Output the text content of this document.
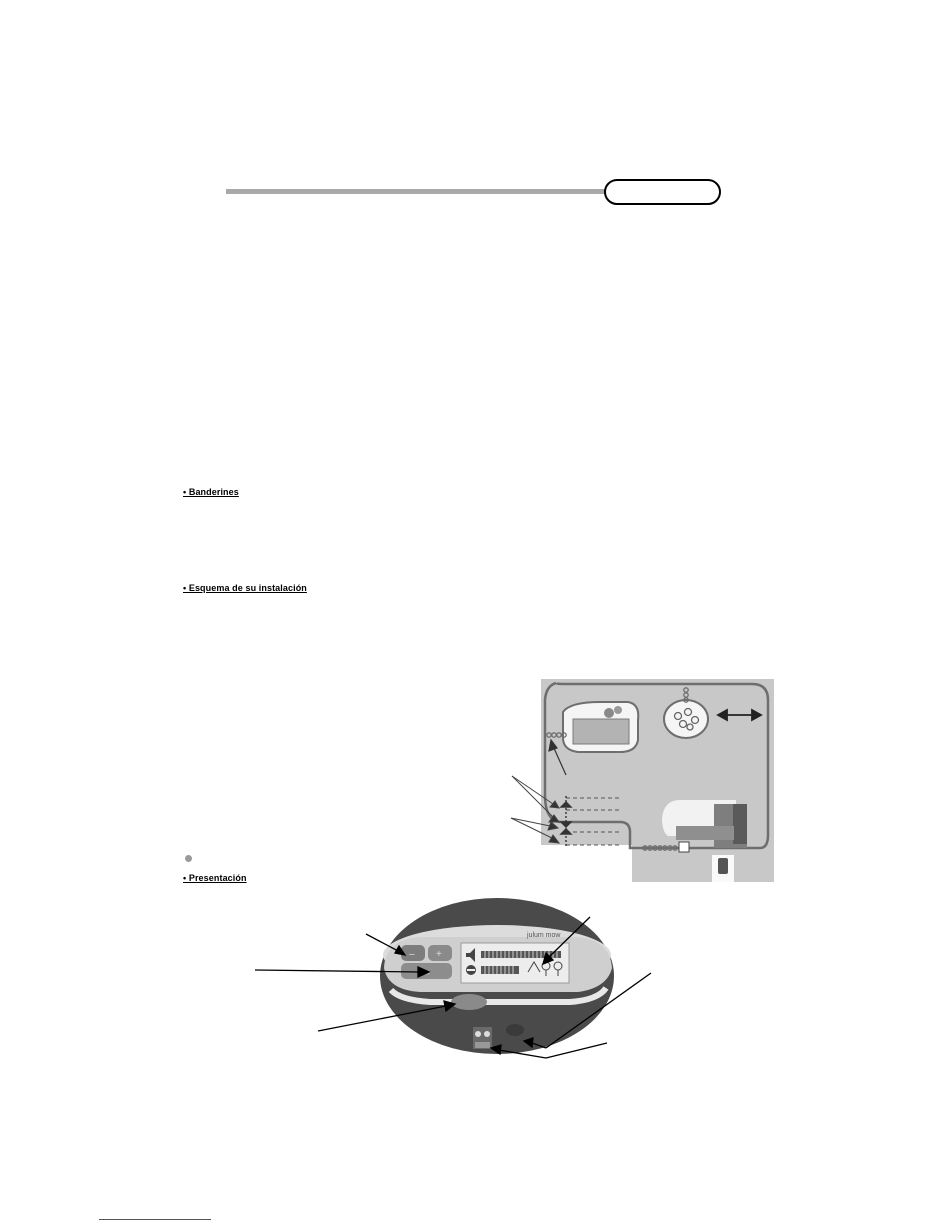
• Banderines
• Esquema de su instalación
• Presentación
julum mow
– +
